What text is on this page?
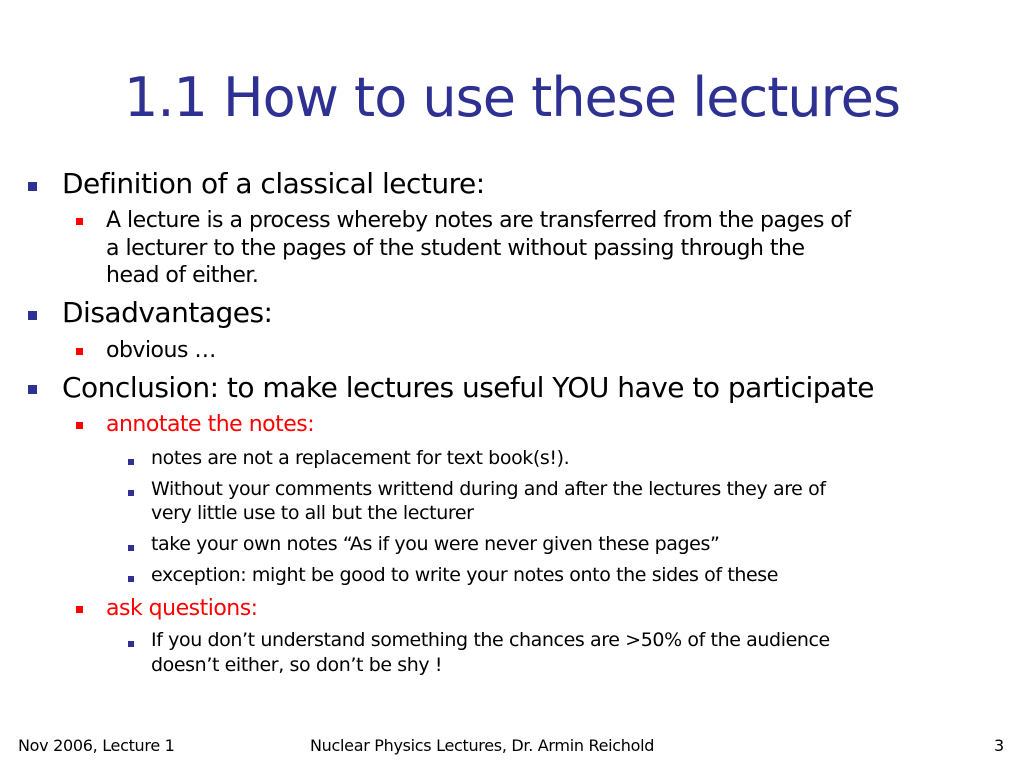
1.1 How to use these lectures
Definition of a classical lecture:
A lecture is a process whereby notes are transferred from the pages of
a lecturer to the pages of the student without passing through the
head of either.
Disadvantages:
obvious …
Conclusion: to make lectures useful YOU have to participate
annotate the notes:
notes are not a replacement for text book(s!).
Without your comments writtend during and after the lectures they are of
very little use to all but the lecturer
take your own notes “As if you were never given these pages”
exception: might be good to write your notes onto the sides of these
ask questions:
If you don’t understand something the chances are >50% of the audience
doesn’t either, so don’t be shy !
Nov 2006, Lecture 1	Nuclear Physics Lectures, Dr. Armin Reichold	3
